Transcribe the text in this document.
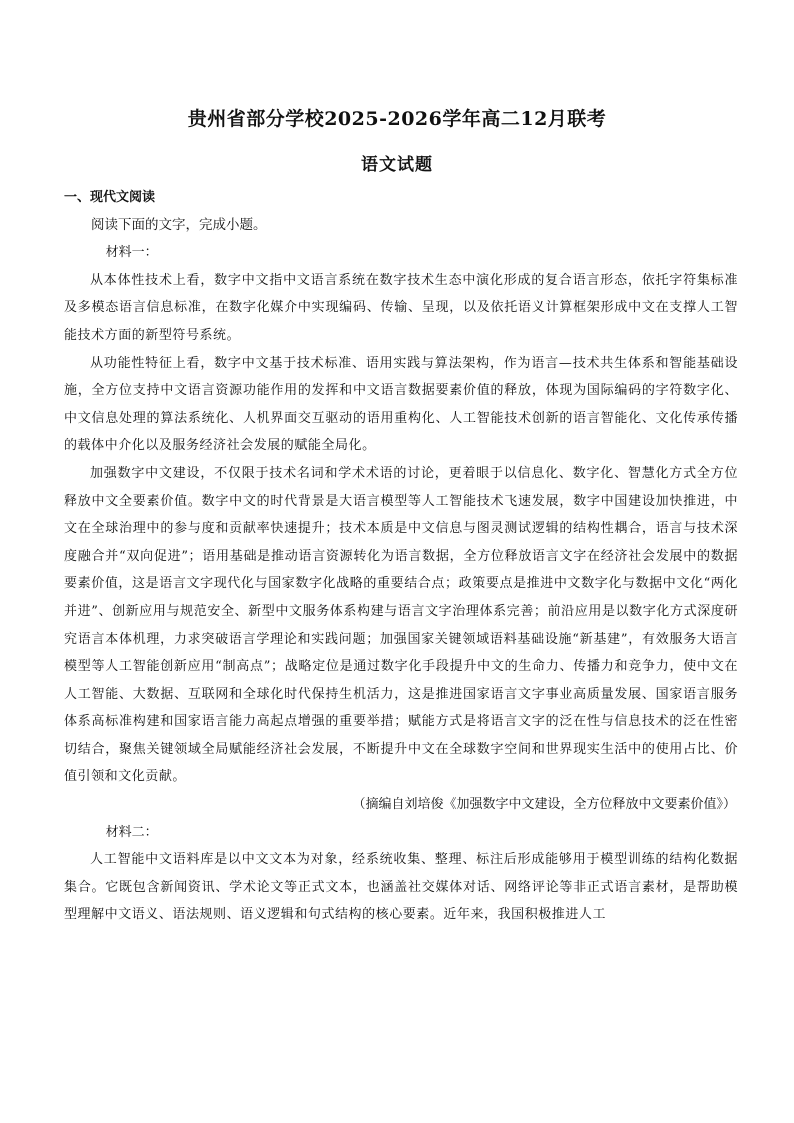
贵州省部分学校2025-2026学年高二12月联考
语文试题

一、现代文阅读

阅读下面的文字，完成小题。

材料一：

从本体性技术上看，数字中文指中文语言系统在数字技术生态中演化形成的复合语言形态，依托字符集标准及多模态语言信息标准，在数字化媒介中实现编码、传输、呈现，以及依托语义计算框架形成中文在支撑人工智能技术方面的新型符号系统。

从功能性特征上看，数字中文基于技术标准、语用实践与算法架构，作为语言—技术共生体系和智能基础设施，全方位支持中文语言资源功能作用的发挥和中文语言数据要素价值的释放，体现为国际编码的字符数字化、中文信息处理的算法系统化、人机界面交互驱动的语用重构化、人工智能技术创新的语言智能化、文化传承传播的载体中介化以及服务经济社会发展的赋能全局化。

加强数字中文建设，不仅限于技术名词和学术术语的讨论，更着眼于以信息化、数字化、智慧化方式全方位释放中文全要素价值。数字中文的时代背景是大语言模型等人工智能技术飞速发展，数字中国建设加快推进，中文在全球治理中的参与度和贡献率快速提升；技术本质是中文信息与图灵测试逻辑的结构性耦合，语言与技术深度融合并“双向促进”；语用基础是推动语言资源转化为语言数据，全方位释放语言文字在经济社会发展中的数据要素价值，这是语言文字现代化与国家数字化战略的重要结合点；政策要点是推进中文数字化与数据中文化“两化并进”、创新应用与规范安全、新型中文服务体系构建与语言文字治理体系完善；前沿应用是以数字化方式深度研究语言本体机理，力求突破语言学理论和实践问题；加强国家关键领域语料基础设施“新基建”，有效服务大语言模型等人工智能创新应用“制高点”；战略定位是通过数字化手段提升中文的生命力、传播力和竞争力，使中文在人工智能、大数据、互联网和全球化时代保持生机活力，这是推进国家语言文字事业高质量发展、国家语言服务体系高标准构建和国家语言能力高起点增强的重要举措；赋能方式是将语言文字的泛在性与信息技术的泛在性密切结合，聚焦关键领域全局赋能经济社会发展，不断提升中文在全球数字空间和世界现实生活中的使用占比、价值引领和文化贡献。

（摘编自刘培俊《加强数字中文建设，全方位释放中文要素价值》）

材料二：

人工智能中文语料库是以中文文本为对象，经系统收集、整理、标注后形成能够用于模型训练的结构化数据集合。它既包含新闻资讯、学术论文等正式文本，也涵盖社交媒体对话、网络评论等非正式语言素材，是帮助模型理解中文语义、语法规则、语义逻辑和句式结构的核心要素。近年来，我国积极推进人工
